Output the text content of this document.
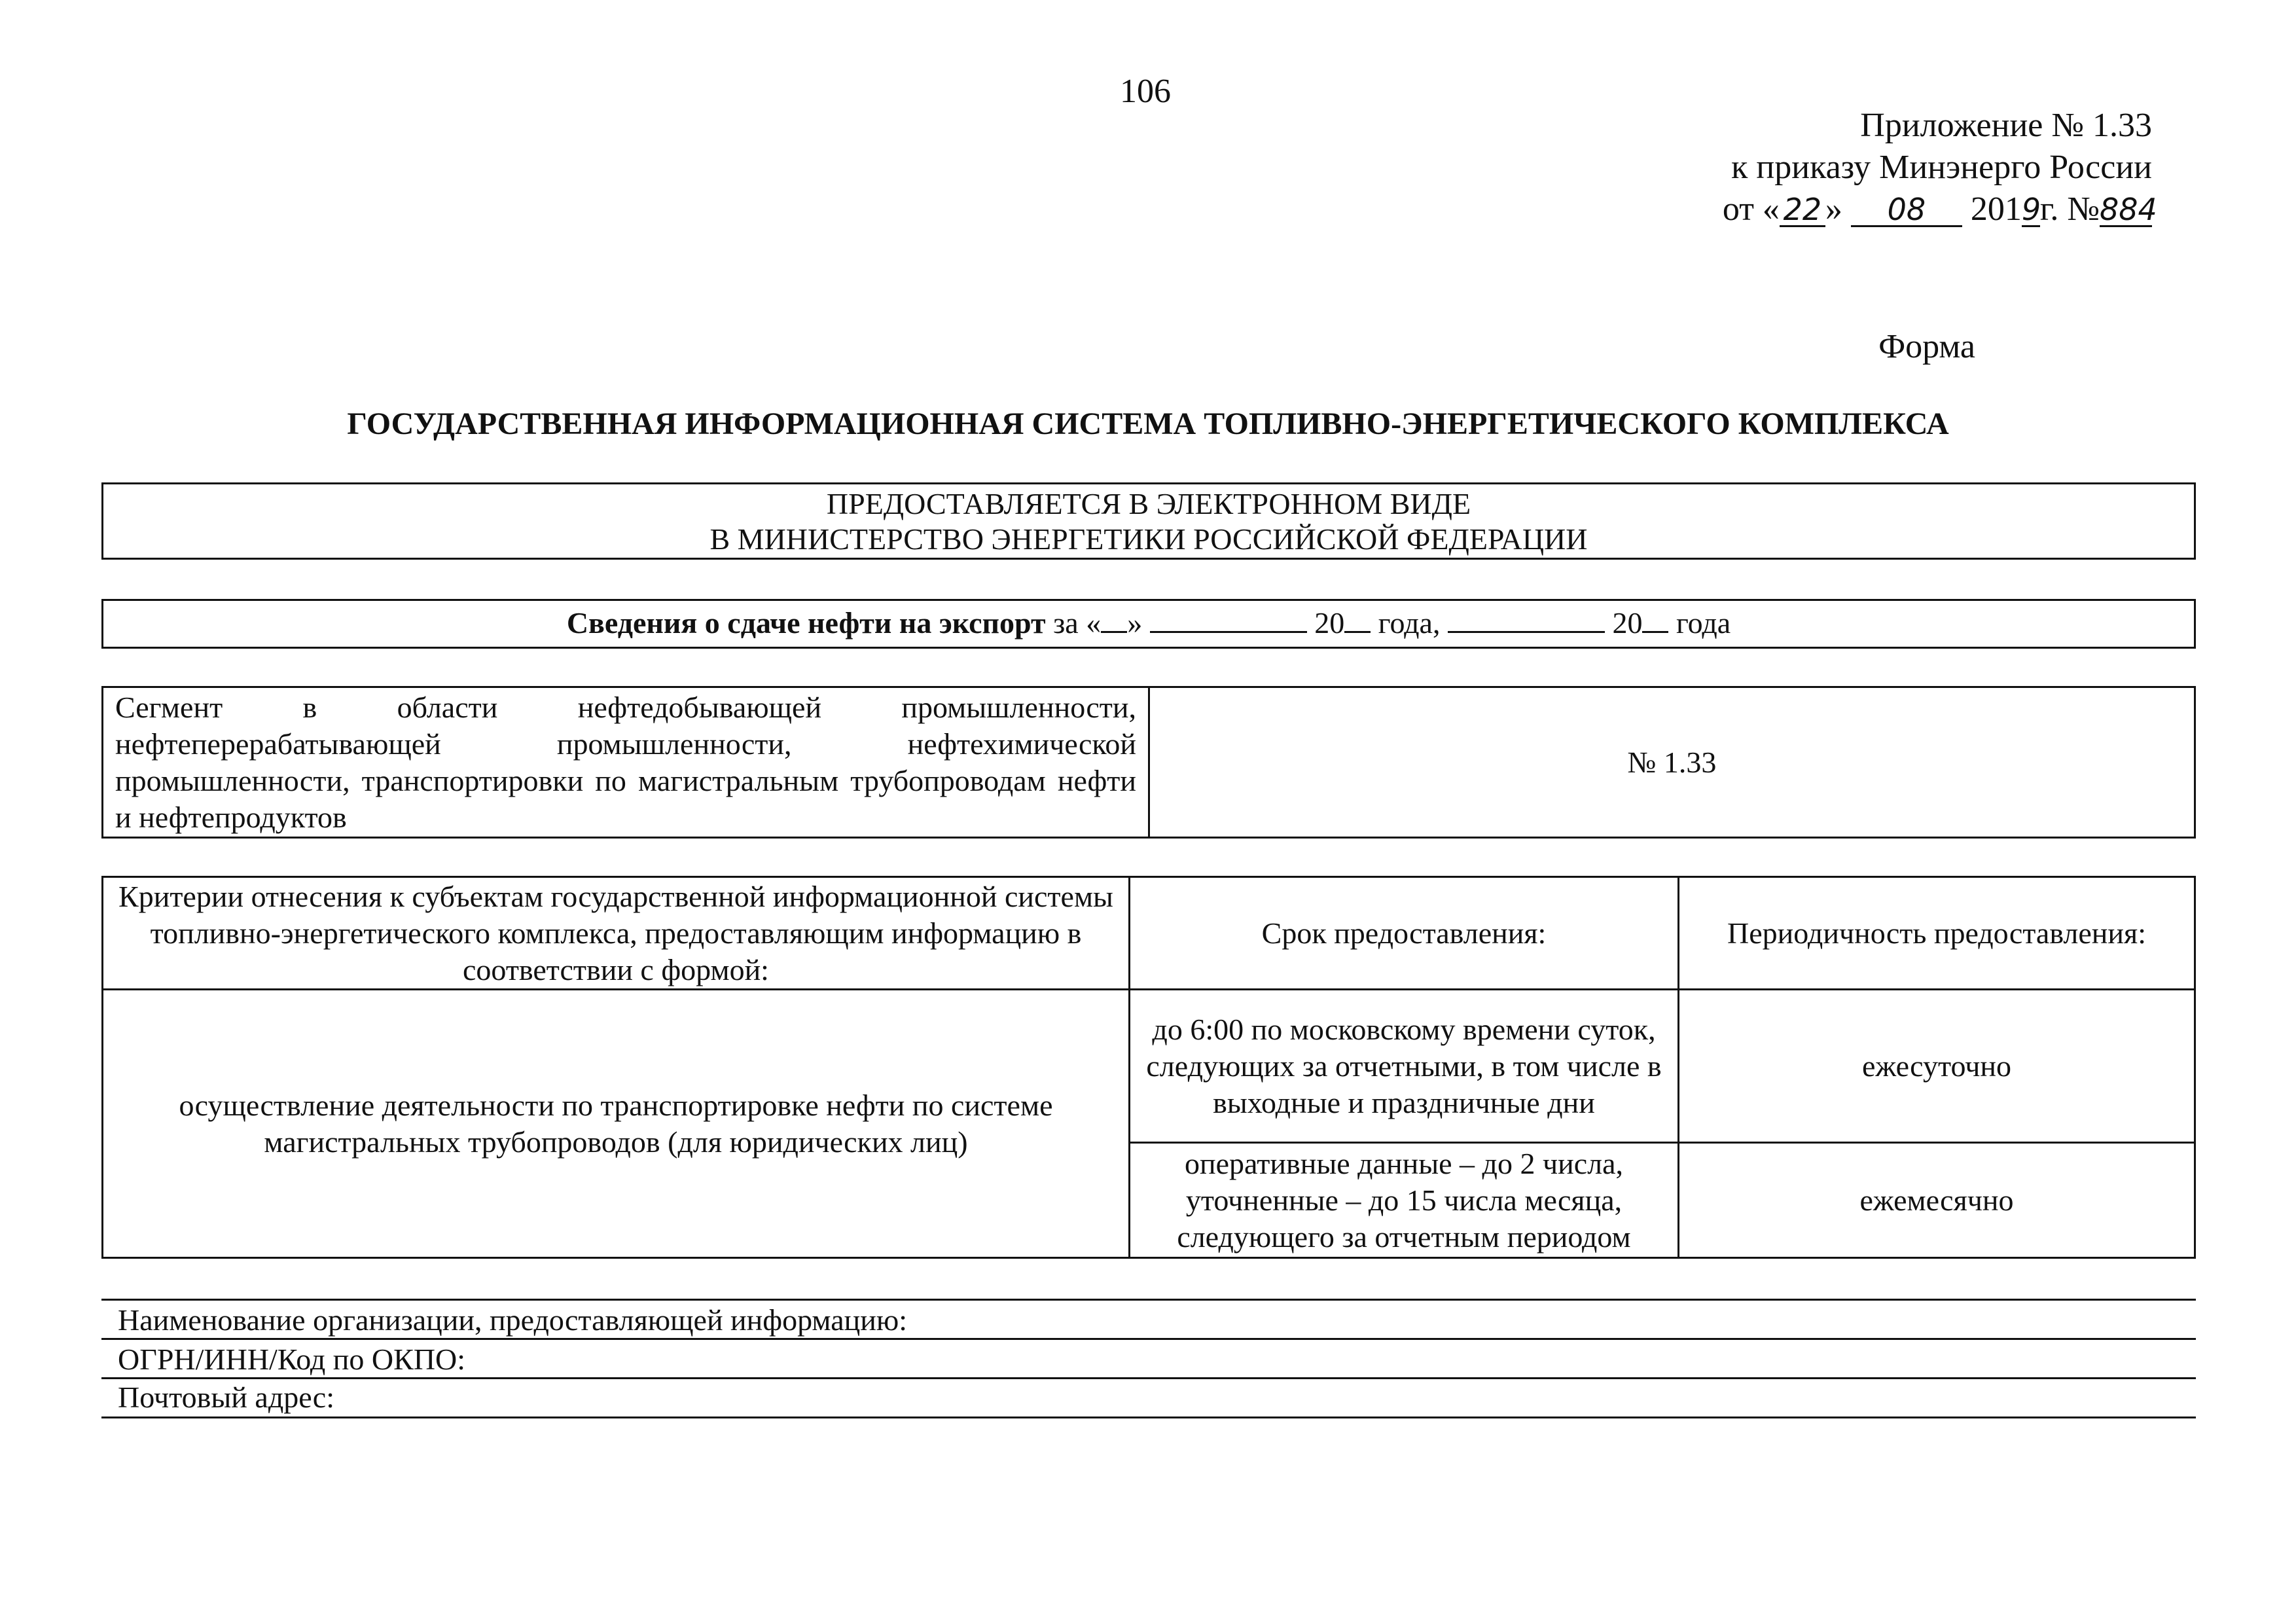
106
Приложение № 1.33
к приказу Минэнерго России
от « 22 » 08 2019г. №884
Форма
ГОСУДАРСТВЕННАЯ ИНФОРМАЦИОННАЯ СИСТЕМА ТОПЛИВНО-ЭНЕРГЕТИЧЕСКОГО КОМПЛЕКСА
ПРЕДОСТАВЛЯЕТСЯ В ЭЛЕКТРОННОМ ВИДЕ
В МИНИСТЕРСТВО ЭНЕРГЕТИКИ РОССИЙСКОЙ ФЕДЕРАЦИИ
Сведения о сдаче нефти на экспорт за « »	20 года,	20 года
Сегмент в области нефтедобывающей промышленности, нефтеперерабатывающей промышленности, нефтехимической промышленности, транспортировки по магистральным трубопроводам нефти и нефтепродуктов	№ 1.33
Критерии отнесения к субъектам государственной информационной системы топливно-энергетического комплекса, предоставляющим информацию в соответствии с формой:	Срок предоставления:	Периодичность предоставления:
осуществление деятельности по транспортировке нефти по системе магистральных трубопроводов (для юридических лиц)	до 6:00 по московскому времени суток, следующих за отчетными, в том числе в выходные и праздничные дни	ежесуточно
	оперативные данные – до 2 числа, уточненные – до 15 числа месяца, следующего за отчетным периодом	ежемесячно
Наименование организации, предоставляющей информацию:
ОГРН/ИНН/Код по ОКПО:
Почтовый адрес:
